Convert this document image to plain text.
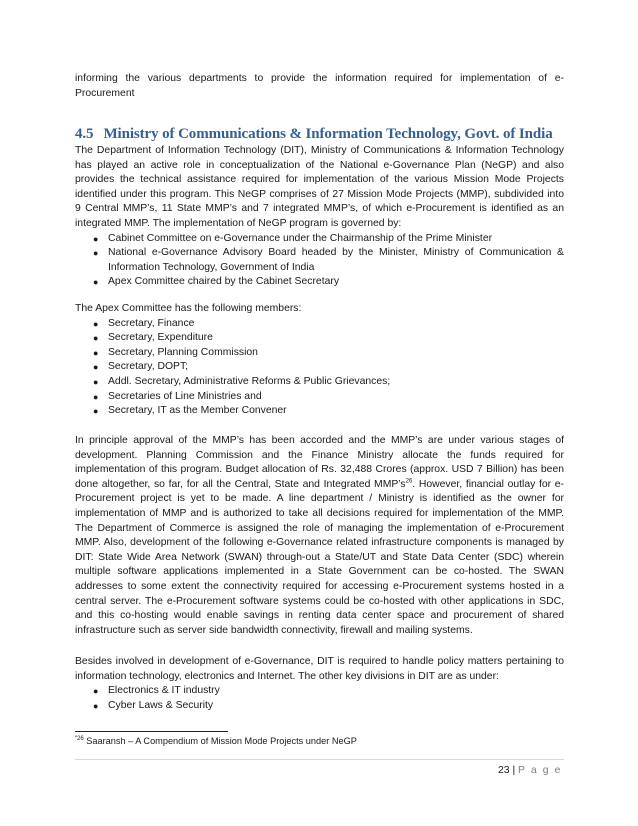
informing the various departments to provide the information required for implementation of e-Procurement

4.5 Ministry of Communications & Information Technology, Govt. of India

The Department of Information Technology (DIT), Ministry of Communications & Information Technology has played an active role in conceptualization of the National e-Governance Plan (NeGP) and also provides the technical assistance required for implementation of the various Mission Mode Projects identified under this program. This NeGP comprises of 27 Mission Mode Projects (MMP), subdivided into 9 Central MMP’s, 11 State MMP’s and 7 integrated MMP’s, of which e-Procurement is identified as an integrated MMP. The implementation of NeGP program is governed by:

● Cabinet Committee on e-Governance under the Chairmanship of the Prime Minister
● National e-Governance Advisory Board headed by the Minister, Ministry of Communication & Information Technology, Government of India
● Apex Committee chaired by the Cabinet Secretary

The Apex Committee has the following members:

● Secretary, Finance
● Secretary, Expenditure
● Secretary, Planning Commission
● Secretary, DOPT;
● Addl. Secretary, Administrative Reforms & Public Grievances;
● Secretaries of Line Ministries and
● Secretary, IT as the Member Convener

In principle approval of the MMP’s has been accorded and the MMP’s are under various stages of development. Planning Commission and the Finance Ministry allocate the funds required for implementation of this program. Budget allocation of Rs. 32,488 Crores (approx. USD 7 Billion) has been done altogether, so far, for all the Central, State and Integrated MMP’s$^{26}$. However, financial outlay for e-Procurement project is yet to be made. A line department / Ministry is identified as the owner for implementation of MMP and is authorized to take all decisions required for implementation of the MMP. The Department of Commerce is assigned the role of managing the implementation of e-Procurement MMP. Also, development of the following e-Governance related infrastructure components is managed by DIT: State Wide Area Network (SWAN) through-out a State/UT and State Data Center (SDC) wherein multiple software applications implemented in a State Government can be co-hosted. The SWAN addresses to some extent the connectivity required for accessing e-Procurement systems hosted in a central server. The e-Procurement software systems could be co-hosted with other applications in SDC, and this co-hosting would enable savings in renting data center space and procurement of shared infrastructure such as server side bandwidth connectivity, firewall and mailing systems.

Besides involved in development of e-Governance, DIT is required to handle policy matters pertaining to information technology, electronics and Internet. The other key divisions in DIT are as under:

● Electronics & IT industry
● Cyber Laws & Security
$^{“26}$ Saaransh – A Compendium of Mission Mode Projects under NeGP
23 | P a g e
